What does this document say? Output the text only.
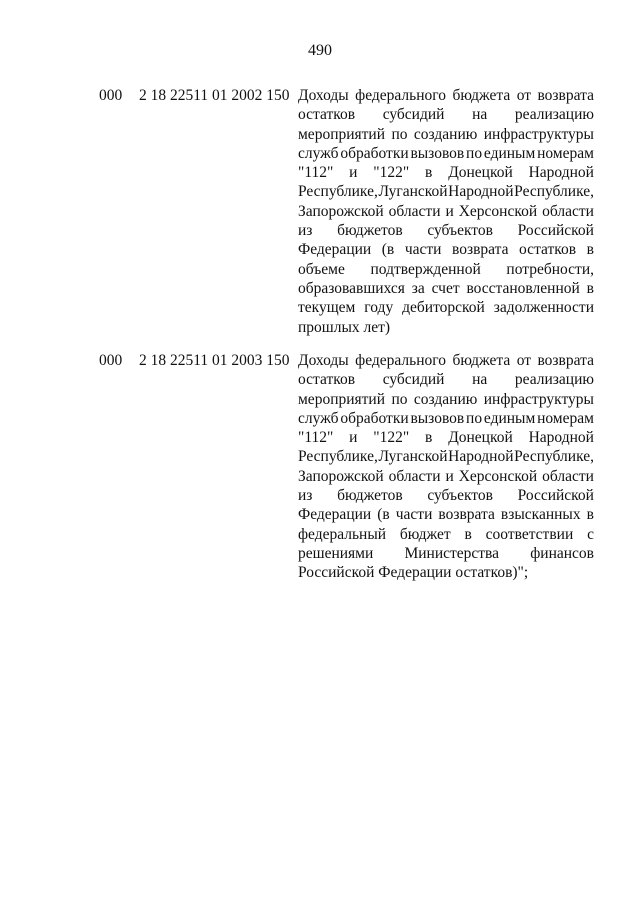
490
000 2 18 22511 01 2002 150 Доходы федерального бюджета от возврата
остатков субсидий на реализацию
мероприятий по созданию инфраструктуры
служб обработки вызовов по единым номерам
"112" и "122" в Донецкой Народной
Республике, Луганской Народной Республике,
Запорожской области и Херсонской области
из бюджетов субъектов Российской
Федерации (в части возврата остатков в
объеме подтвержденной потребности,
образовавшихся за счет восстановленной в
текущем году дебиторской задолженности
прошлых лет)
000 2 18 22511 01 2003 150 Доходы федерального бюджета от возврата
остатков субсидий на реализацию
мероприятий по созданию инфраструктуры
служб обработки вызовов по единым номерам
"112" и "122" в Донецкой Народной
Республике, Луганской Народной Республике,
Запорожской области и Херсонской области
из бюджетов субъектов Российской
Федерации (в части возврата взысканных в
федеральный бюджет в соответствии с
решениями Министерства финансов
Российской Федерации остатков)";
